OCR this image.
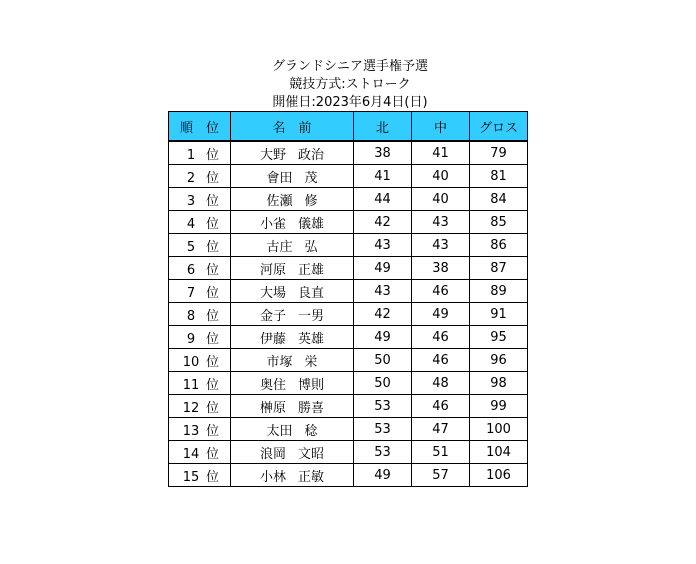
グランドシニア選手権予選
競技方式:ストローク
開催日:2023年6月4日(日)
順　位	名　前	北	中	グロス
1 位	大野 政治	38	41	79
2 位	會田 茂	41	40	81
3 位	佐瀬 修	44	40	84
4 位	小雀 儀雄	42	43	85
5 位	古庄 弘	43	43	86
6 位	河原 正雄	49	38	87
7 位	大場 良直	43	46	89
8 位	金子 一男	42	49	91
9 位	伊藤 英雄	49	46	95
10 位	市塚 栄	50	46	96
11 位	奥住 博則	50	48	98
12 位	榊原 勝喜	53	46	99
13 位	太田 稔	53	47	100
14 位	浪岡 文昭	53	51	104
15 位	小林 正敏	49	57	106
